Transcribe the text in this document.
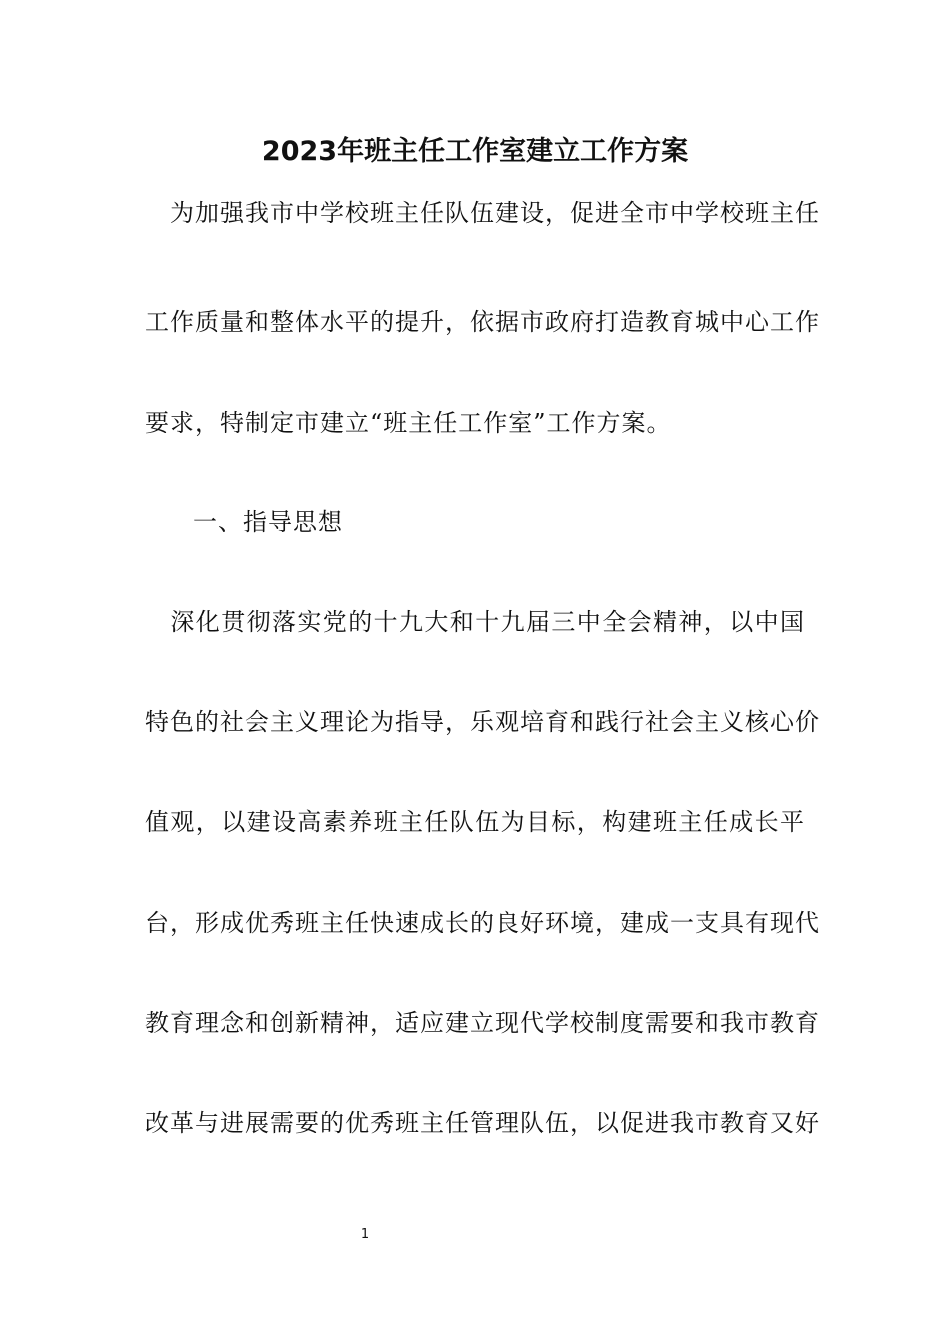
2023年班主任工作室建立工作方案
　为加强我市中学校班主任队伍建设，促进全市中学校班主任
工作质量和整体水平的提升，依据市政府打造教育城中心工作
要求，特制定市建立“班主任工作室”工作方案。
一、指导思想
　深化贯彻落实党的十九大和十九届三中全会精神，以中国
特色的社会主义理论为指导，乐观培育和践行社会主义核心价
值观，以建设高素养班主任队伍为目标，构建班主任成长平
台，形成优秀班主任快速成长的良好环境，建成一支具有现代
教育理念和创新精神，适应建立现代学校制度需要和我市教育
改革与进展需要的优秀班主任管理队伍，以促进我市教育又好
1
